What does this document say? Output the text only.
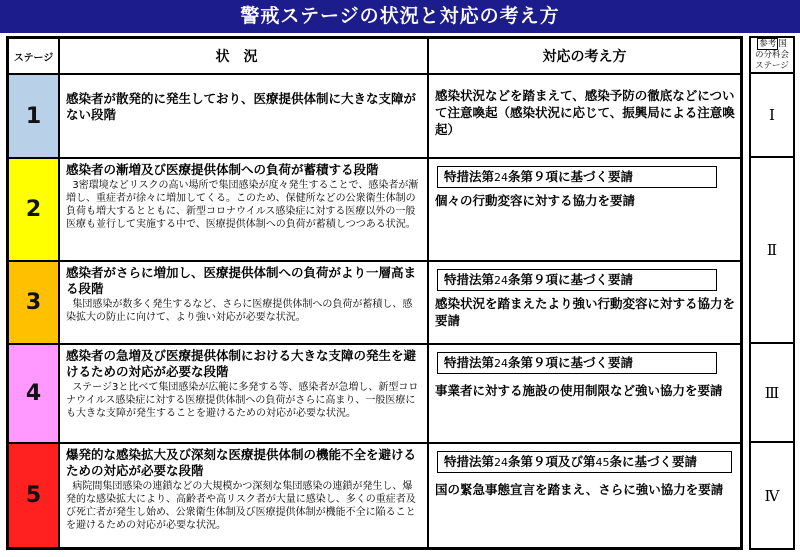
警戒ステージの状況と対応の考え方
ステージ	状況	対応の考え方
1

感染者が散発的に発生しており、医療提供体制に大きな支障がない段階

感染状況などを踏まえて、感染予防の徹底などについて注意喚起（感染状況に応じて、振興局による注意喚起）

2

感染者の漸増及び医療提供体制への負荷が蓄積する段階

3密環境などリスクの高い場所で集団感染が度々発生することで、感染者が漸増し、重症者が徐々に増加してくる。このため、保健所などの公衆衛生体制の負荷も増大するとともに、新型コロナウイルス感染症に対する医療以外の一般医療も並行して実施する中で、医療提供体制への負荷が蓄積しつつある状況。

特措法第24条第９項に基づく要請

個々の行動変容に対する協力を要請

3

感染者がさらに増加し、医療提供体制への負荷がより一層高まる段階

集団感染が数多く発生するなど、さらに医療提供体制への負荷が蓄積し、感染拡大の防止に向けて、より強い対応が必要な状況。

特措法第24条第９項に基づく要請

感染状況を踏まえたより強い行動変容に対する協力を要請

4

感染者の急増及び医療提供体制における大きな支障の発生を避けるための対応が必要な段階

ステージ3と比べて集団感染が広範に多発する等、感染者が急増し、新型コロナウイルス感染症に対する医療提供体制への負荷がさらに高まり、一般医療にも大きな支障が発生することを避けるための対応が必要な状況。

特措法第24条第９項に基づく要請

事業者に対する施設の使用制限など強い協力を要請

5

爆発的な感染拡大及び深刻な医療提供体制の機能不全を避けるための対応が必要な段階

病院間集団感染の連鎖などの大規模かつ深刻な集団感染の連鎖が発生し、爆発的な感染拡大により、高齢者や高リスク者が大量に感染し、多くの重症者及び死亡者が発生し始め、公衆衛生体制及び医療提供体制が機能不全に陥ることを避けるための対応が必要な状況。

特措法第24条第９項及び第45条に基づく要請

国の緊急事態宣言を踏まえ、さらに強い協力を要請

参考 国
の分科会
ステージ
Ⅰ
Ⅱ
Ⅲ
Ⅳ
